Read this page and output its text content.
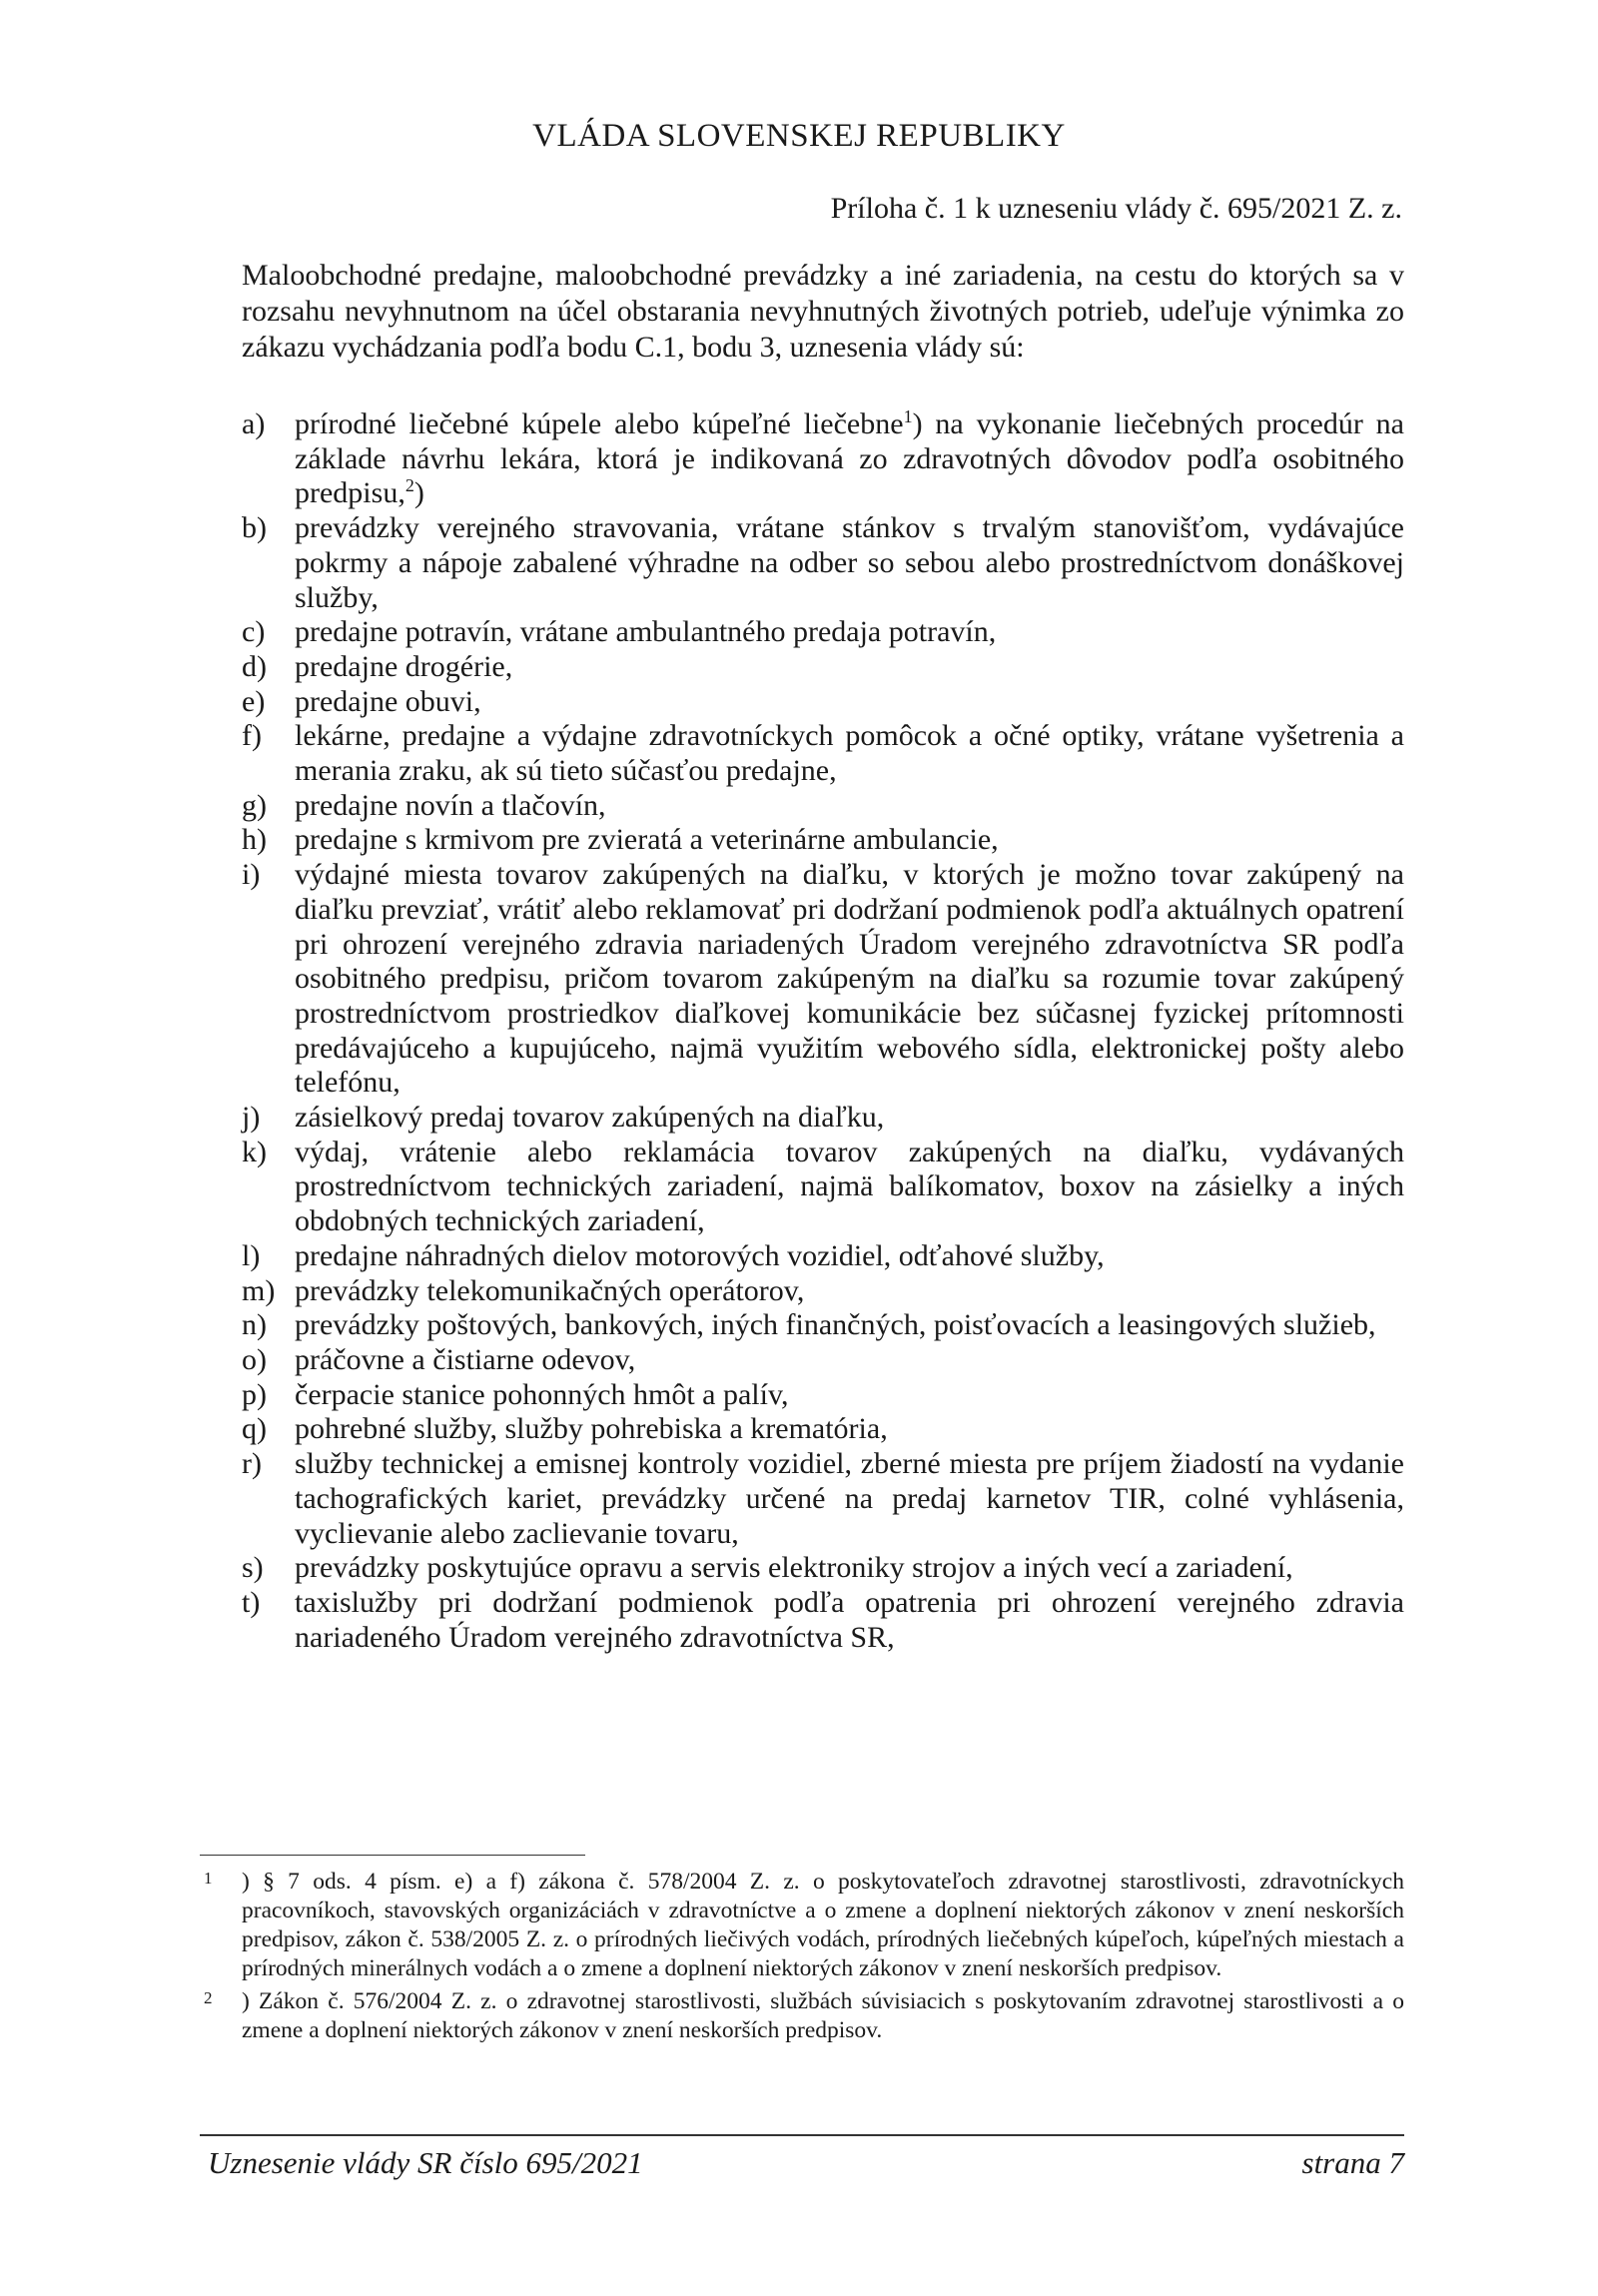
VLÁDA SLOVENSKEJ REPUBLIKY
Príloha č. 1 k uzneseniu vlády č. 695/2021 Z. z.
Maloobchodné predajne, maloobchodné prevádzky a iné zariadenia, na cestu do ktorých sa v rozsahu nevyhnutnom na účel obstarania nevyhnutných životných potrieb, udeľuje výnimka zo zákazu vychádzania podľa bodu C.1, bodu 3, uznesenia vlády sú:
a) prírodné liečebné kúpele alebo kúpeľné liečebne$^1$) na vykonanie liečebných procedúr na základe návrhu lekára, ktorá je indikovaná zo zdravotných dôvodov podľa osobitného predpisu,$^2$)
b) prevádzky verejného stravovania, vrátane stánkov s trvalým stanovišťom, vydávajúce pokrmy a nápoje zabalené výhradne na odber so sebou alebo prostredníctvom donáškovej služby,
c) predajne potravín, vrátane ambulantného predaja potravín,
d) predajne drogérie,
e) predajne obuvi,
f) lekárne, predajne a výdajne zdravotníckych pomôcok a očné optiky, vrátane vyšetrenia a merania zraku, ak sú tieto súčasťou predajne,
g) predajne novín a tlačovín,
h) predajne s krmivom pre zvieratá a veterinárne ambulancie,
i) výdajné miesta tovarov zakúpených na diaľku, v ktorých je možno tovar zakúpený na diaľku prevziať, vrátiť alebo reklamovať pri dodržaní podmienok podľa aktuálnych opatrení pri ohrození verejného zdravia nariadených Úradom verejného zdravotníctva SR podľa osobitného predpisu, pričom tovarom zakúpeným na diaľku sa rozumie tovar zakúpený prostredníctvom prostriedkov diaľkovej komunikácie bez súčasnej fyzickej prítomnosti predávajúceho a kupujúceho, najmä využitím webového sídla, elektronickej pošty alebo telefónu,
j) zásielkový predaj tovarov zakúpených na diaľku,
k) výdaj, vrátenie alebo reklamácia tovarov zakúpených na diaľku, vydávaných prostredníctvom technických zariadení, najmä balíkomatov, boxov na zásielky a iných obdobných technických zariadení,
l) predajne náhradných dielov motorových vozidiel, odťahové služby,
m) prevádzky telekomunikačných operátorov,
n) prevádzky poštových, bankových, iných finančných, poisťovacích a leasingových služieb,
o) práčovne a čistiarne odevov,
p) čerpacie stanice pohonných hmôt a palív,
q) pohrebné služby, služby pohrebiska a krematória,
r) služby technickej a emisnej kontroly vozidiel, zberné miesta pre príjem žiadostí na vydanie tachografických kariet, prevádzky určené na predaj karnetov TIR, colné vyhlásenia, vyclievanie alebo zaclievanie tovaru,
s) prevádzky poskytujúce opravu a servis elektroniky strojov a iných vecí a zariadení,
t) taxislužby pri dodržaní podmienok podľa opatrenia pri ohrození verejného zdravia nariadeného Úradom verejného zdravotníctva SR,
1 ) § 7 ods. 4 písm. e) a f) zákona č. 578/2004 Z. z. o poskytovateľoch zdravotnej starostlivosti, zdravotníckych pracovníkoch, stavovských organizáciách v zdravotníctve a o zmene a doplnení niektorých zákonov v znení neskorších predpisov, zákon č. 538/2005 Z. z. o prírodných liečivých vodách, prírodných liečebných kúpeľoch, kúpeľných miestach a prírodných minerálnych vodách a o zmene a doplnení niektorých zákonov v znení neskorších predpisov.
2 ) Zákon č. 576/2004 Z. z. o zdravotnej starostlivosti, službách súvisiacich s poskytovaním zdravotnej starostlivosti a o zmene a doplnení niektorých zákonov v znení neskorších predpisov.
Uznesenie vlády SR číslo 695/2021	strana 7
